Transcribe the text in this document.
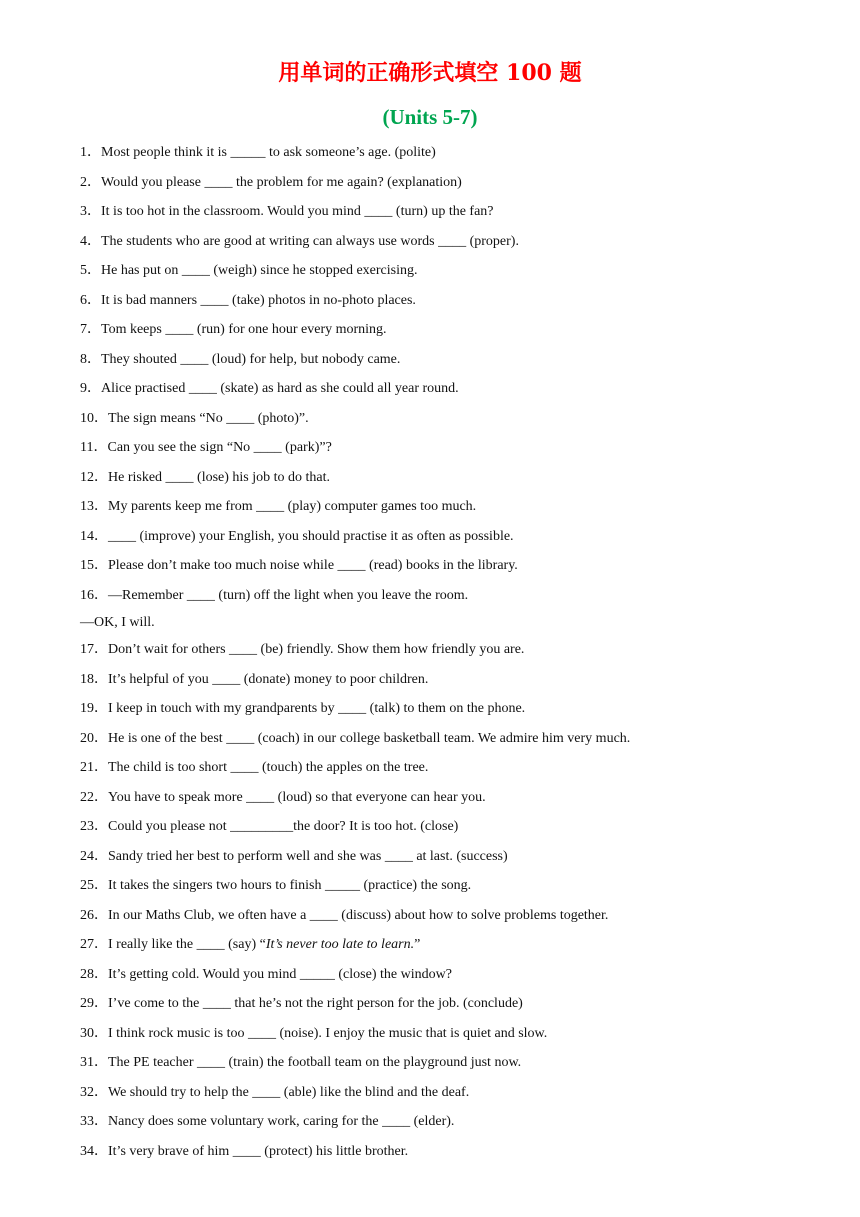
用单词的正确形式填空 100 题
(Units 5-7)
1．Most people think it is _____ to ask someone’s age. (polite)
2．Would you please ____ the problem for me again? (explanation)
3．It is too hot in the classroom. Would you mind ____ (turn) up the fan?
4．The students who are good at writing can always use words ____ (proper).
5．He has put on ____ (weigh) since he stopped exercising.
6．It is bad manners ____ (take) photos in no-photo places.
7．Tom keeps ____ (run) for one hour every morning.
8．They shouted ____ (loud) for help, but nobody came.
9．Alice practised ____ (skate) as hard as she could all year round.
10．The sign means “No ____ (photo)”.
11．Can you see the sign “No ____ (park)”?
12．He risked ____ (lose) his job to do that.
13．My parents keep me from ____ (play) computer games too much.
14．____ (improve) your English, you should practise it as often as possible.
15．Please don’t make too much noise while ____ (read) books in the library.
16．—Remember ____ (turn) off the light when you leave the room.
—OK, I will.
17．Don’t wait for others ____ (be) friendly. Show them how friendly you are.
18．It’s helpful of you ____ (donate) money to poor children.
19．I keep in touch with my grandparents by ____ (talk) to them on the phone.
20．He is one of the best ____ (coach) in our college basketball team. We admire him very much.
21．The child is too short ____ (touch) the apples on the tree.
22．You have to speak more ____ (loud) so that everyone can hear you.
23．Could you please not _________the door? It is too hot. (close)
24．Sandy tried her best to perform well and she was ____ at last. (success)
25．It takes the singers two hours to finish _____ (practice) the song.
26．In our Maths Club, we often have a ____ (discuss) about how to solve problems together.
27．I really like the ____ (say) “It’s never too late to learn.”
28．It’s getting cold. Would you mind _____ (close) the window?
29．I’ve come to the ____ that he’s not the right person for the job. (conclude)
30．I think rock music is too ____ (noise). I enjoy the music that is quiet and slow.
31．The PE teacher ____ (train) the football team on the playground just now.
32．We should try to help the ____ (able) like the blind and the deaf.
33．Nancy does some voluntary work, caring for the ____ (elder).
34．It’s very brave of him ____ (protect) his little brother.
